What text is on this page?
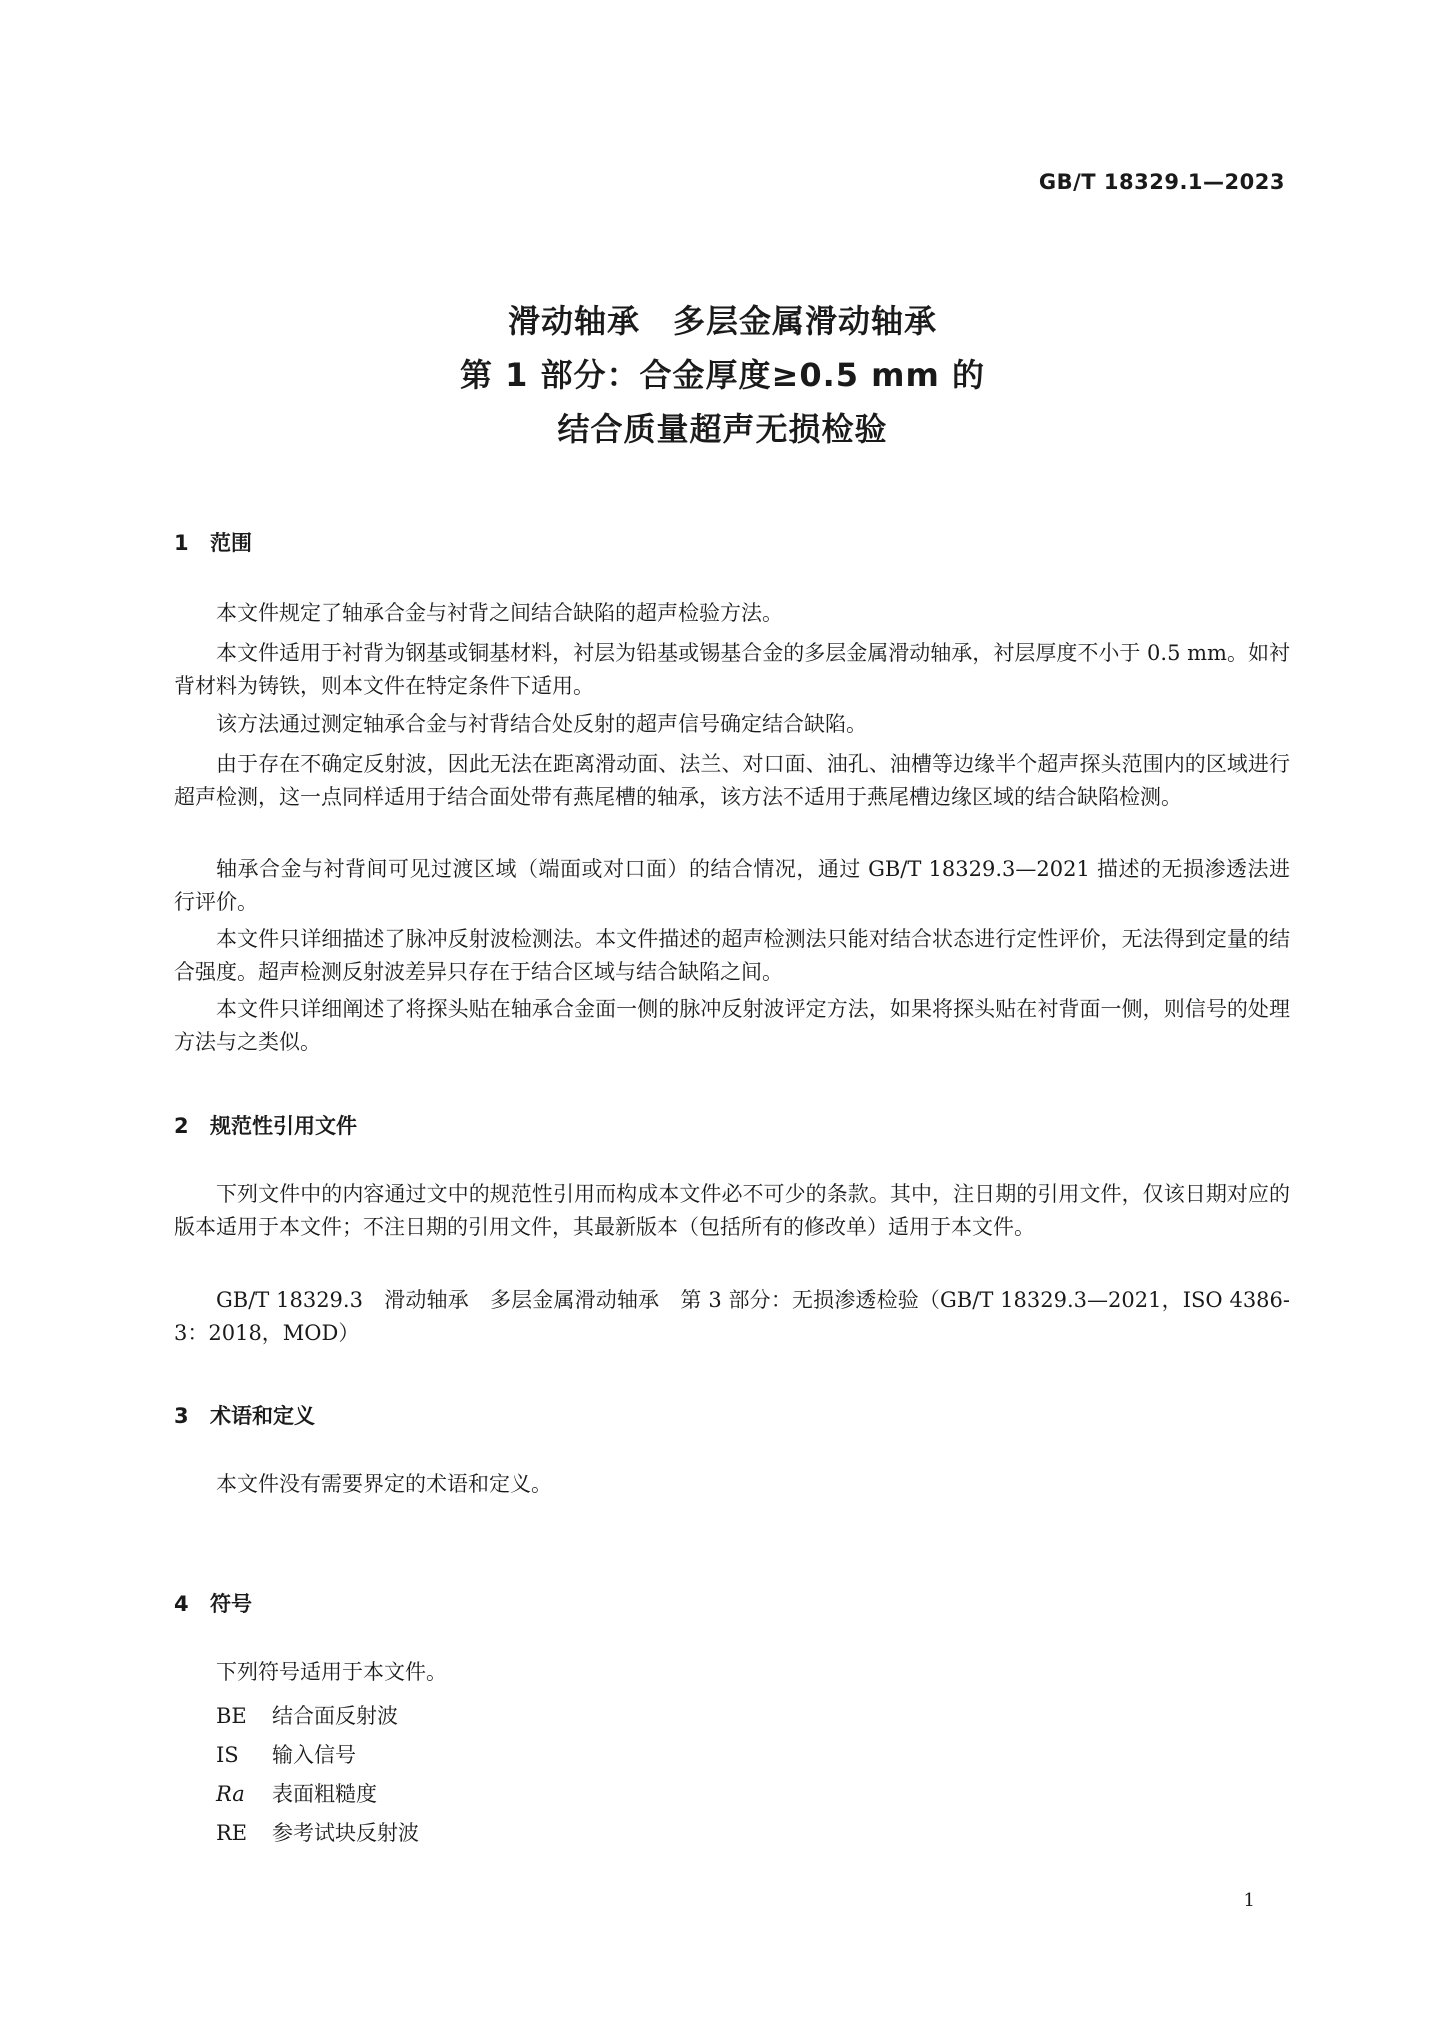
GB/T 18329.1—2023
滑动轴承　多层金属滑动轴承
第 1 部分：合金厚度≥0.5 mm 的
结合质量超声无损检验
1 范围
本文件规定了轴承合金与衬背之间结合缺陷的超声检验方法。
本文件适用于衬背为钢基或铜基材料，衬层为铅基或锡基合金的多层金属滑动轴承，衬层厚度不小于 0.5 mm。如衬背材料为铸铁，则本文件在特定条件下适用。
该方法通过测定轴承合金与衬背结合处反射的超声信号确定结合缺陷。
由于存在不确定反射波，因此无法在距离滑动面、法兰、对口面、油孔、油槽等边缘半个超声探头范围内的区域进行超声检测，这一点同样适用于结合面处带有燕尾槽的轴承，该方法不适用于燕尾槽边缘区域的结合缺陷检测。
轴承合金与衬背间可见过渡区域（端面或对口面）的结合情况，通过 GB/T 18329.3—2021 描述的无损渗透法进行评价。
本文件只详细描述了脉冲反射波检测法。本文件描述的超声检测法只能对结合状态进行定性评价，无法得到定量的结合强度。超声检测反射波差异只存在于结合区域与结合缺陷之间。
本文件只详细阐述了将探头贴在轴承合金面一侧的脉冲反射波评定方法，如果将探头贴在衬背面一侧，则信号的处理方法与之类似。
2 规范性引用文件
下列文件中的内容通过文中的规范性引用而构成本文件必不可少的条款。其中，注日期的引用文件，仅该日期对应的版本适用于本文件；不注日期的引用文件，其最新版本（包括所有的修改单）适用于本文件。
GB/T 18329.3　滑动轴承　多层金属滑动轴承　第 3 部分：无损渗透检验（GB/T 18329.3—2021，ISO 4386-3：2018，MOD）
3 术语和定义
本文件没有需要界定的术语和定义。
4 符号
下列符号适用于本文件。
BE 结合面反射波
IS 输入信号
Ra 表面粗糙度
RE 参考试块反射波
1
